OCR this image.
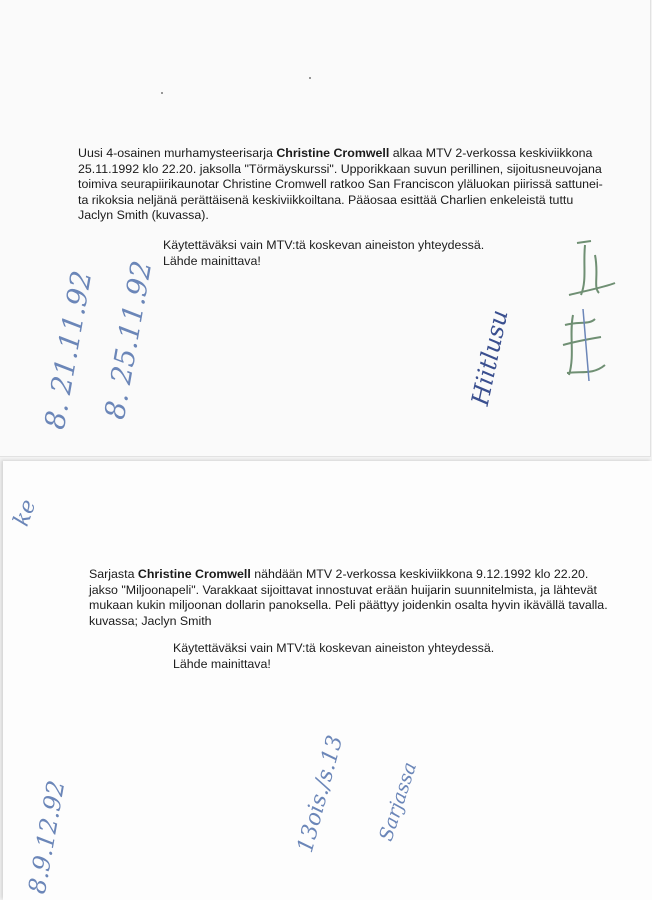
Uusi 4-osainen murhamysteerisarja Christine Cromwell alkaa MTV 2-verkossa keskiviikkona
25.11.1992 klo 22.20. jaksolla "Törmäyskurssi". Upporikkaan suvun perillinen, sijoitusneuvojana
toimiva seurapiirikaunotar Christine Cromwell ratkoo San Franciscon yläluokan piirissä sattunei-
ta rikoksia neljänä perättäisenä keskiviikkoiltana. Pääosaa esittää Charlien enkeleistä tuttu
Jaclyn Smith (kuvassa).

Käytettäväksi vain MTV:tä koskevan aineiston yhteydessä.
Lähde mainittava!

8. 21.11.92 8. 25.11.92	Hiitlusu
ke

Sarjasta Christine Cromwell nähdään MTV 2-verkossa keskiviikkona 9.12.1992 klo 22.20.
jakso "Miljoonapeli". Varakkaat sijoittavat innostuvat erään huijarin suunnitelmista, ja lähtevät
mukaan kukin miljoonan dollarin panoksella. Peli päättyy joidenkin osalta hyvin ikävällä tavalla.
kuvassa; Jaclyn Smith

Käytettäväksi vain MTV:tä koskevan aineiston yhteydessä.
Lähde mainittava!

8.9.12.92	13ois./s.13 Sarjassa
